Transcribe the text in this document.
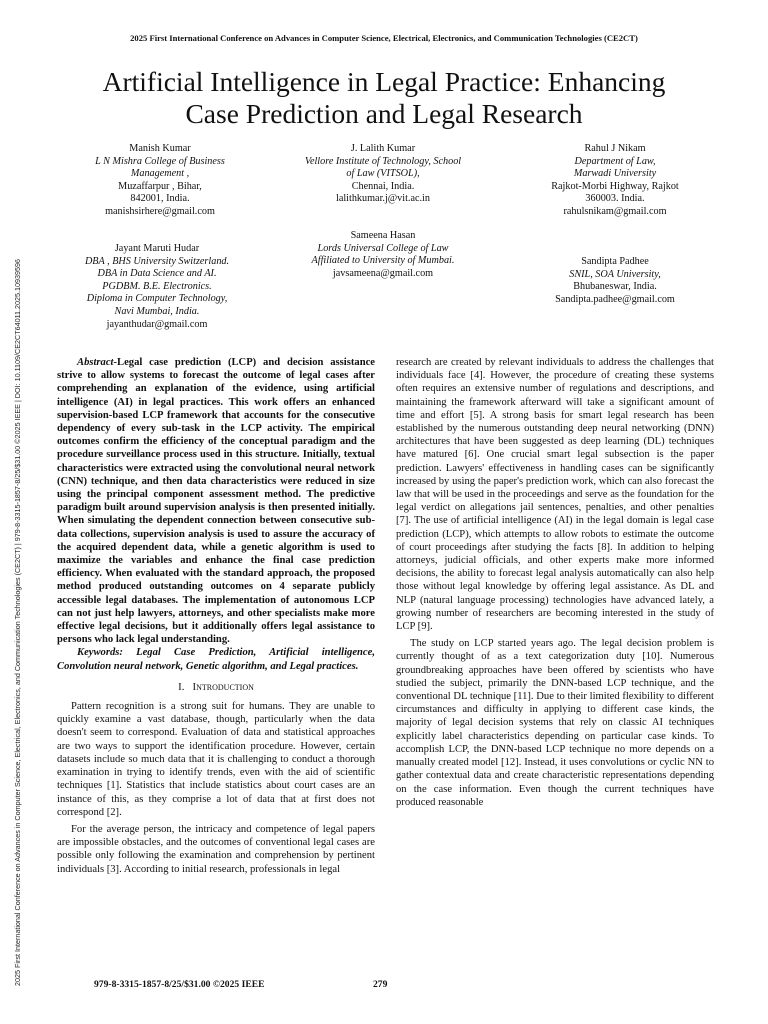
2025 First International Conference on Advances in Computer Science, Electrical, Electronics, and Communication Technologies (CE2CT)
2025 First International Conference on Advances in Computer Science, Electrical, Electronics, and Communication Technologies (CE2CT) | 979-8-3315-1857-8/25/$31.00 ©2025 IEEE | DOI: 10.1109/CE2CT64011.2025.10939596
Artificial Intelligence in Legal Practice: Enhancing
Case Prediction and Legal Research
Manish Kumar
L N Mishra College of Business
Management ,
Muzaffarpur , Bihar,
842001, India.
manishsirhere@gmail.com
J. Lalith Kumar
Vellore Institute of Technology, School
of Law (VITSOL),
Chennai, India.
lalithkumar.j@vit.ac.in
Rahul J Nikam
Department of Law,
Marwadi University
Rajkot-Morbi Highway, Rajkot
360003. India.
rahulsnikam@gmail.com
Jayant Maruti Hudar
DBA , BHS University Switzerland.
DBA in Data Science and AI.
PGDBM. B.E. Electronics.
Diploma in Computer Technology,
Navi Mumbai, India.
jayanthudar@gmail.com
Sameena Hasan
Lords Universal College of Law
Affiliated to University of Mumbai.
javsameena@gmail.com
Sandipta Padhee
SNIL, SOA University,
Bhubaneswar, India.
Sandipta.padhee@gmail.com

Abstract-Legal case prediction (LCP) and decision assistance strive to allow systems to forecast the outcome of legal cases after comprehending an explanation of the evidence, using artificial intelligence (AI) in legal practices. This work offers an enhanced supervision-based LCP framework that accounts for the consecutive dependency of every sub-task in the LCP activity. The empirical outcomes confirm the efficiency of the conceptual paradigm and the procedure surveillance process used in this structure. Initially, textual characteristics were extracted using the convolutional neural network (CNN) technique, and then data characteristics were reduced in size using the principal component assessment method. The predictive paradigm built around supervision analysis is then presented initially. When simulating the dependent connection between consecutive sub-data collections, supervision analysis is used to assure the accuracy of the acquired dependent data, while a genetic algorithm is used to maximize the variables and enhance the final case prediction efficiency. When evaluated with the standard approach, the proposed method produced outstanding outcomes on 4 separate publicly accessible legal databases. The implementation of autonomous LCP can not just help lawyers, attorneys, and other specialists make more effective legal decisions, but it additionally offers legal assistance to persons who lack legal understanding.

Keywords: Legal Case Prediction, Artificial intelligence, Convolution neural network, Genetic algorithm, and Legal practices.

I. Introduction

Pattern recognition is a strong suit for humans. They are unable to quickly examine a vast database, though, particularly when the data doesn't seem to correspond. Evaluation of data and statistical approaches are two ways to support the identification procedure. However, certain datasets include so much data that it is challenging to conduct a thorough examination in trying to identify trends, even with the aid of scientific techniques [1]. Statistics that include statistics about court cases are an instance of this, as they comprise a lot of data that at first does not correspond [2].

For the average person, the intricacy and competence of legal papers are impossible obstacles, and the outcomes of conventional legal cases are possible only following the examination and comprehension by pertinent individuals [3]. According to initial research, professionals in legal

research are created by relevant individuals to address the challenges that individuals face [4]. However, the procedure of creating these systems often requires an extensive number of regulations and descriptions, and maintaining the framework afterward will take a significant amount of time and effort [5]. A strong basis for smart legal research has been established by the numerous outstanding deep neural networking (DNN) architectures that have been suggested as deep learning (DL) techniques have matured [6]. One crucial smart legal subsection is the paper prediction. Lawyers' effectiveness in handling cases can be significantly increased by using the paper's prediction work, which can also forecast the law that will be used in the proceedings and serve as the foundation for the legal verdict on allegations jail sentences, penalties, and other penalties [7]. The use of artificial intelligence (AI) in the legal domain is legal case prediction (LCP), which attempts to allow robots to estimate the outcome of court proceedings after studying the facts [8]. In addition to helping attorneys, judicial officials, and other experts make more informed decisions, the ability to forecast legal analysis automatically can also help those without legal knowledge by offering legal assistance. As DL and NLP (natural language processing) technologies have advanced lately, a growing number of researchers are becoming interested in the study of LCP [9].

The study on LCP started years ago. The legal decision problem is currently thought of as a text categorization duty [10]. Numerous groundbreaking approaches have been offered by scientists who have studied the subject, primarily the DNN-based LCP technique, and the conventional DL technique [11]. Due to their limited flexibility to different circumstances and difficulty in applying to different case kinds, the majority of legal decision systems that rely on classic AI techniques explicitly label characteristics depending on particular case kinds. To accomplish LCP, the DNN-based LCP technique no more depends on a manually created model [12]. Instead, it uses convolutions or cyclic NN to gather contextual data and create characteristic representations depending on the case information. Even though the current techniques have produced reasonable

979-8-3315-1857-8/25/$31.00 ©2025 IEEE	279
